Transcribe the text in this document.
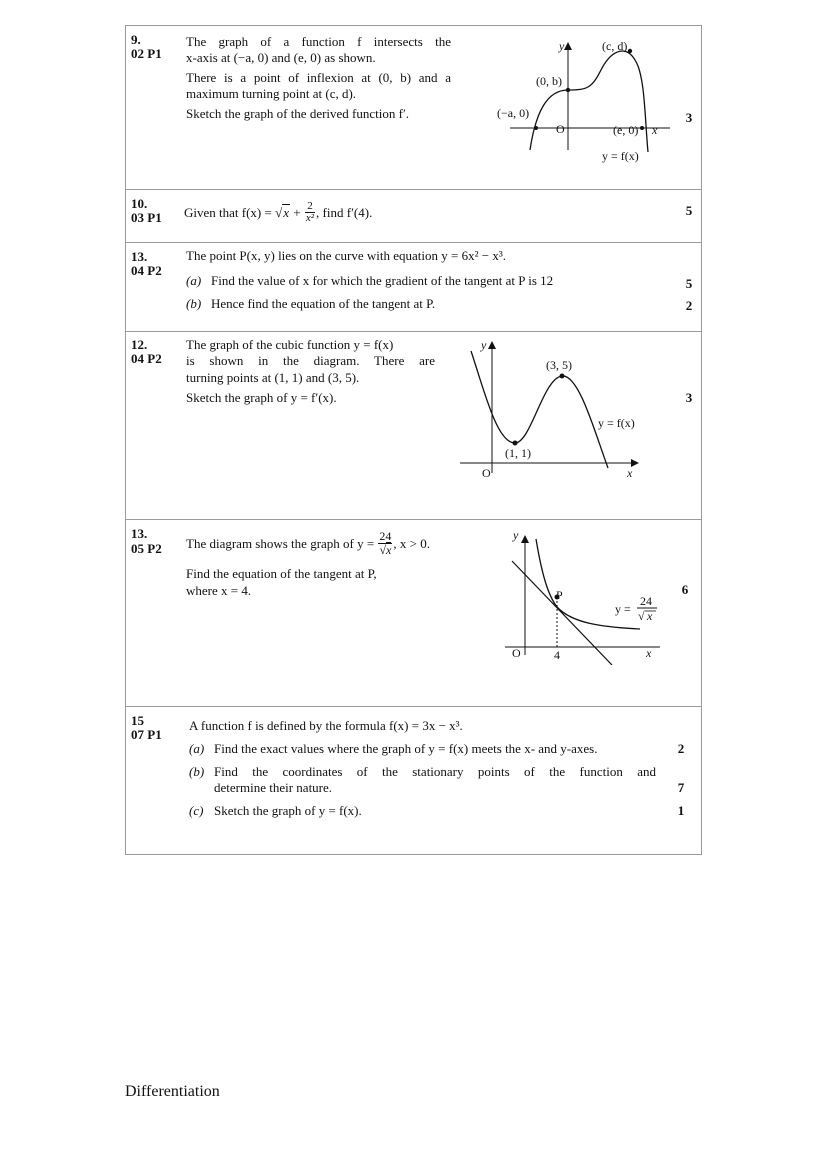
9.
02 P1
The graph of a function f intersects the
x-axis at (−a, 0) and (e, 0) as shown.
There is a point of inflexion at (0, b) and a
maximum turning point at (c, d).
Sketch the graph of the derived function f′.	3
y
x
O
(c, d)
(0, b)
(−a, 0)
(e, 0)
y = f(x)
10.
03 P1 Given that f(x) = √ $x + \frac{2}{\text{x²}}$ , find f′(4).	5
13.
04 P2
The point P(x, y) lies on the curve with equation y = 6x² − x³.
(a) Find the value of x for which the gradient of the tangent at P is 12	5
(b) Hence find the equation of the tangent at P.	2
12.
04 P2
The graph of the cubic function y = f(x)
is shown in the diagram. There are
turning points at (1, 1) and (3, 5).
Sketch the graph of y = f′(x).	3
y
x
O
(3, 5)
(1, 1)
y = f(x)
13.
05 P2 The diagram shows the graph of $y = \frac{24}{√x}$ , x > 0.
Find the equation of the tangent at P,
where x = 4.	6
y
x
O	4
P
y =
24
√ x
15
07 P1
A function f is defined by the formula f(x) = 3x − x³.
(a) Find the exact values where the graph of y = f(x) meets the x- and y-axes.	2
(b) Find the coordinates of the stationary points of the function and
determine their nature.	7
(c) Sketch the graph of y = f(x).	1
Differentiation
